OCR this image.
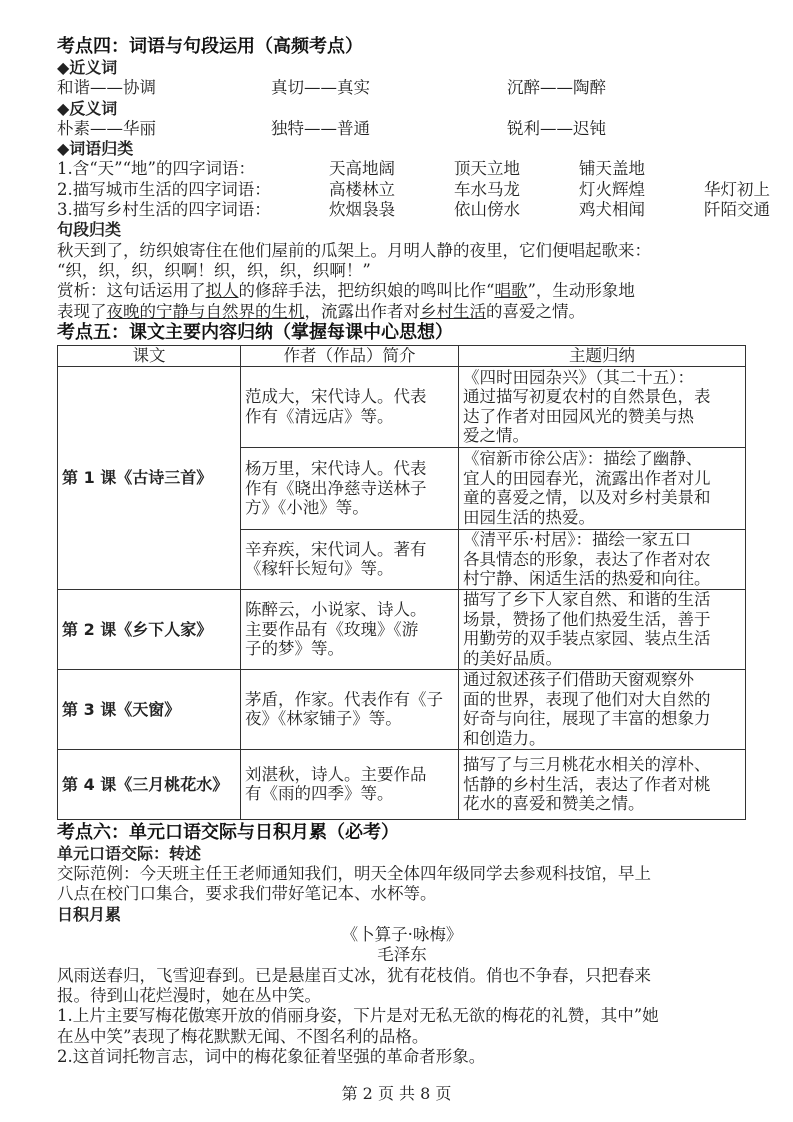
考点四：词语与句段运用（高频考点）
◆近义词
和谐——协调	真切——真实	沉醉——陶醉
◆反义词
朴素——华丽	独特——普通	锐利——迟钝
◆词语归类
1.含“天”“地”的四字词语：	天高地阔	顶天立地	铺天盖地
2.描写城市生活的四字词语：	高楼林立	车水马龙	灯火辉煌	华灯初上
3.描写乡村生活的四字词语：	炊烟袅袅	依山傍水	鸡犬相闻	阡陌交通
句段归类
秋天到了，纺织娘寄住在他们屋前的瓜架上。月明人静的夜里，它们便唱起歌来：
“织，织，织，织啊！织，织，织，织啊！”
赏析：这句话运用了拟人的修辞手法，把纺织娘的鸣叫比作“唱歌”，生动形象地
表现了夜晚的宁静与自然界的生机，流露出作者对乡村生活的喜爱之情。
考点五：课文主要内容归纳（掌握每课中心思想）
课文	作者（作品）简介	主题归纳
第 1 课《古诗三首》	范成大，宋代诗人。代表
作有《清远店》等。	《四时田园杂兴》（其二十五）：
通过描写初夏农村的自然景色，表
达了作者对田园风光的赞美与热
爱之情。

	杨万里，宋代诗人。代表
作有《晓出净慈寺送林子
方》《小池》等。	《宿新市徐公店》：描绘了幽静、
宜人的田园春光，流露出作者对儿
童的喜爱之情，以及对乡村美景和
田园生活的热爱。

	辛弃疾，宋代词人。著有
《稼轩长短句》等。	《清平乐·村居》：描绘一家五口
各具情态的形象，表达了作者对农
村宁静、闲适生活的热爱和向往。

第 2 课《乡下人家》	陈醉云，小说家、诗人。
主要作品有《玫瑰》《游
子的梦》等。	描写了乡下人家自然、和谐的生活
场景，赞扬了他们热爱生活，善于
用勤劳的双手装点家园、装点生活
的美好品质。

第 3 课《天窗》	茅盾，作家。代表作有《子
夜》《林家铺子》等。	通过叙述孩子们借助天窗观察外
面的世界，表现了他们对大自然的
好奇与向往，展现了丰富的想象力
和创造力。

第 4 课《三月桃花水》	刘湛秋，诗人。主要作品
有《雨的四季》等。	描写了与三月桃花水相关的淳朴、
恬静的乡村生活，表达了作者对桃
花水的喜爱和赞美之情。
考点六：单元口语交际与日积月累（必考）
单元口语交际：转述
交际范例：今天班主任王老师通知我们，明天全体四年级同学去参观科技馆，早上
八点在校门口集合，要求我们带好笔记本、水杯等。
日积月累
《卜算子·咏梅》
毛泽东
风雨送春归，飞雪迎春到。已是悬崖百丈冰，犹有花枝俏。俏也不争春，只把春来
报。待到山花烂漫时，她在丛中笑。
1.上片主要写梅花傲寒开放的俏丽身姿，下片是对无私无欲的梅花的礼赞，其中”她
在丛中笑”表现了梅花默默无闻、不图名利的品格。
2.这首词托物言志，词中的梅花象征着坚强的革命者形象。
第 2 页 共 8 页
